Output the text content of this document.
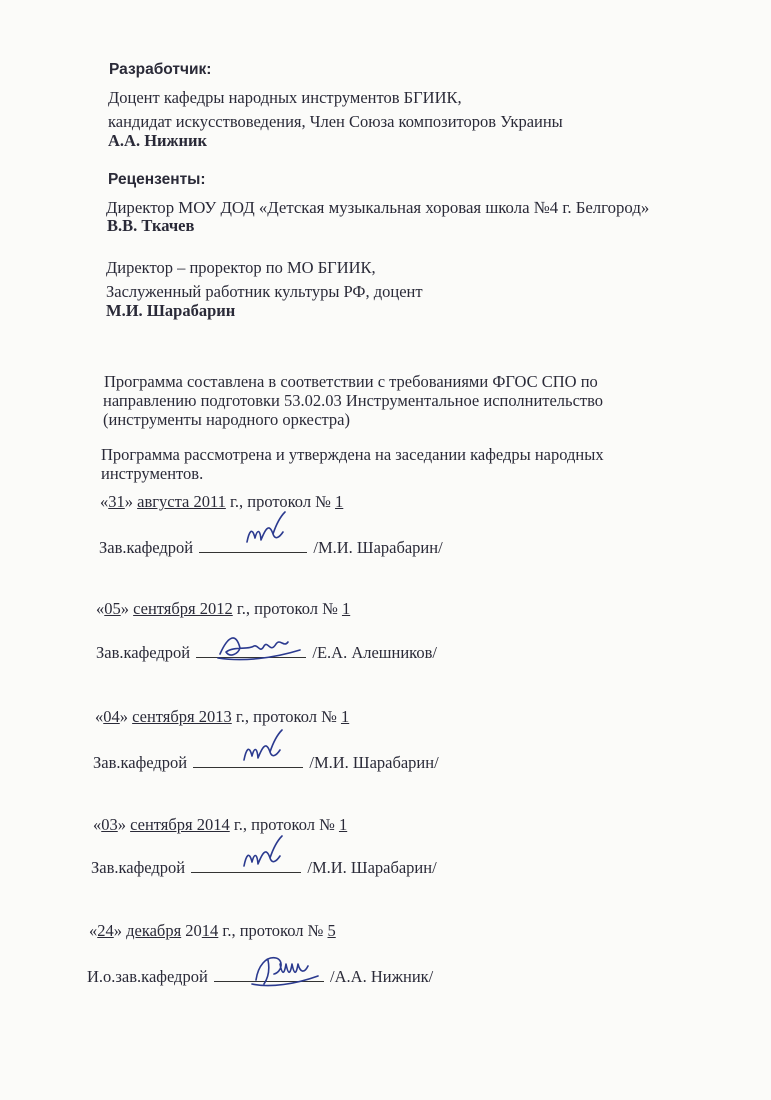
Разработчик:
Доцент кафедры народных инструментов БГИИК,
кандидат искусствоведения, Член Союза композиторов Украины
А.А. Нижник
Рецензенты:
Директор МОУ ДОД «Детская музыкальная хоровая школа №4 г. Белгород»
В.В. Ткачев
Директор – проректор по МО БГИИК,
Заслуженный работник культуры РФ, доцент
М.И. Шарабарин
Программа составлена в соответствии с требованиями ФГОС СПО по
направлению подготовки 53.02.03 Инструментальное исполнительство
(инструменты народного оркестра)
Программа рассмотрена и утверждена на заседании кафедры народных
инструментов.
«31» августа 2011 г., протокол № 1
Зав.кафедрой	/М.И. Шарабарин/
«05» сентября 2012 г., протокол № 1
Зав.кафедрой	/Е.А. Алешников/
«04» сентября 2013 г., протокол № 1
Зав.кафедрой	/М.И. Шарабарин/
«03» сентября 2014 г., протокол № 1
Зав.кафедрой	/М.И. Шарабарин/
«24» декабря 2014 г., протокол № 5
И.о.зав.кафедрой	/А.А. Нижник/
